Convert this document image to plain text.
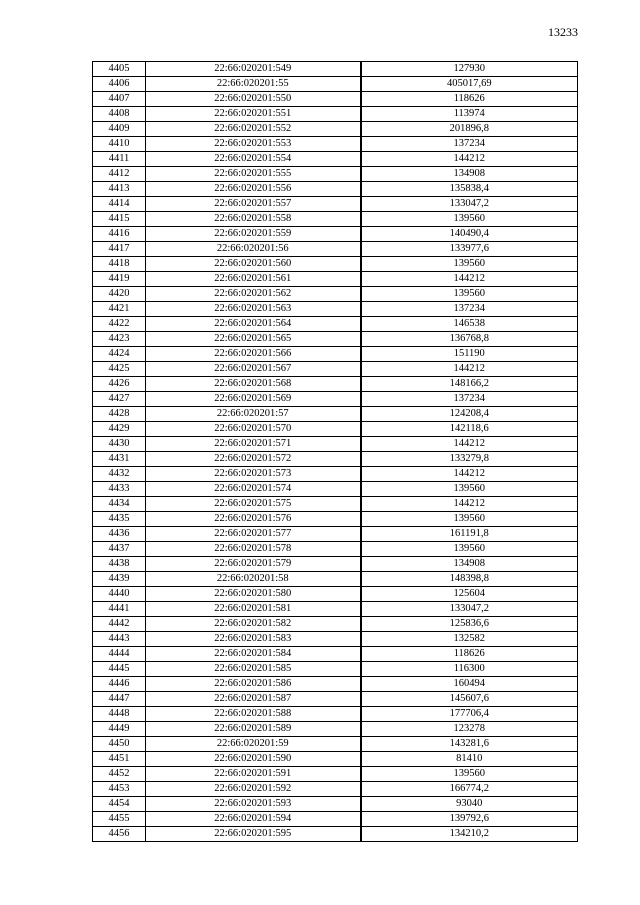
13233
4405	22:66:020201:549	127930
4406	22:66:020201:55	405017,69
4407	22:66:020201:550	118626
4408	22:66:020201:551	113974
4409	22:66:020201:552	201896,8
4410	22:66:020201:553	137234
4411	22:66:020201:554	144212
4412	22:66:020201:555	134908
4413	22:66:020201:556	135838,4
4414	22:66:020201:557	133047,2
4415	22:66:020201:558	139560
4416	22:66:020201:559	140490,4
4417	22:66:020201:56	133977,6
4418	22:66:020201:560	139560
4419	22:66:020201:561	144212
4420	22:66:020201:562	139560
4421	22:66:020201:563	137234
4422	22:66:020201:564	146538
4423	22:66:020201:565	136768,8
4424	22:66:020201:566	151190
4425	22:66:020201:567	144212
4426	22:66:020201:568	148166,2
4427	22:66:020201:569	137234
4428	22:66:020201:57	124208,4
4429	22:66:020201:570	142118,6
4430	22:66:020201:571	144212
4431	22:66:020201:572	133279,8
4432	22:66:020201:573	144212
4433	22:66:020201:574	139560
4434	22:66:020201:575	144212
4435	22:66:020201:576	139560
4436	22:66:020201:577	161191,8
4437	22:66:020201:578	139560
4438	22:66:020201:579	134908
4439	22:66:020201:58	148398,8
4440	22:66:020201:580	125604
4441	22:66:020201:581	133047,2
4442	22:66:020201:582	125836,6
4443	22:66:020201:583	132582
4444	22:66:020201:584	118626
4445	22:66:020201:585	116300
4446	22:66:020201:586	160494
4447	22:66:020201:587	145607,6
4448	22:66:020201:588	177706,4
4449	22:66:020201:589	123278
4450	22:66:020201:59	143281,6
4451	22:66:020201:590	81410
4452	22:66:020201:591	139560
4453	22:66:020201:592	166774,2
4454	22:66:020201:593	93040
4455	22:66:020201:594	139792,6
4456	22:66:020201:595	134210,2
